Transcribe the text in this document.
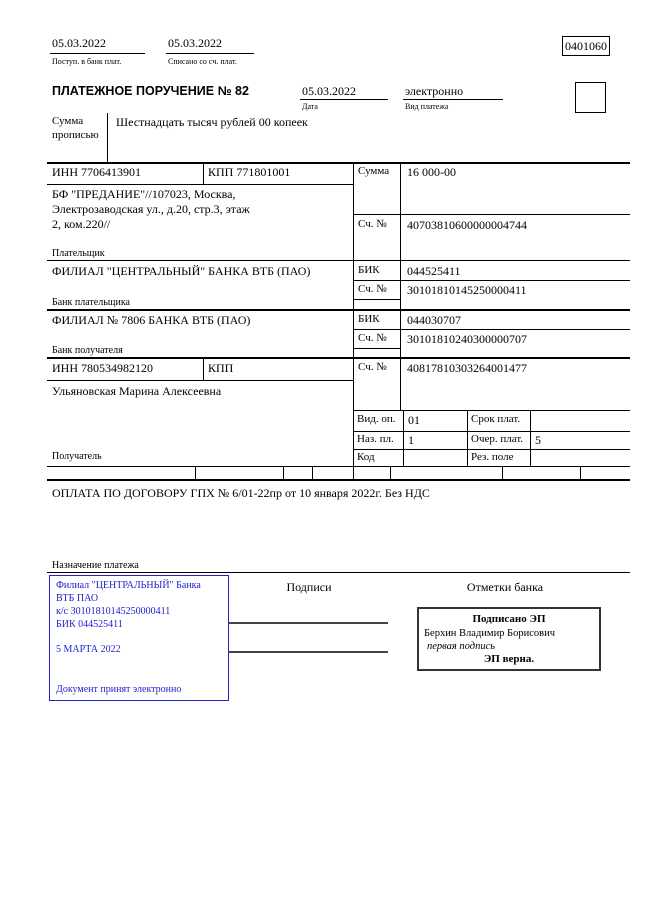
05.03.2022
Поступ. в банк плат.
05.03.2022
Списано со сч. плат.
0401060
ПЛАТЕЖНОЕ ПОРУЧЕНИЕ № 82	05.03.2022
Дата
электронно
Вид платежа
Сумма
прописью
Шестнадцать тысяч рублей 00 копеек
ИНН 7706413901	КПП 771801001	Сумма 16 000-00
БФ "ПРЕДАНИЕ"//107023, Москва,
Электрозаводская ул., д.20, стр.3, этаж
2, ком.220//
Плательщик
Сч. № 40703810600000004744
ФИЛИАЛ "ЦЕНТРАЛЬНЫЙ" БАНКА ВТБ (ПАО)
Банк плательщика
БИК 044525411
Сч. № 30101810145250000411
ФИЛИАЛ № 7806 БАНКА ВТБ (ПАО)
Банк получателя
БИК 044030707
Сч. № 30101810240300000707
ИНН 780534982120	КПП	Сч. № 40817810303264001477
Ульяновская Марина Алексеевна
Получатель
Вид. оп. 01	Срок плат.
Наз. пл. 1	Очер. плат. 5
Код	Рез. поле
ОПЛАТА ПО ДОГОВОРУ ГПХ № 6/01-22пр от 10 января 2022г. Без НДС
Назначение платежа
Филиал "ЦЕНТРАЛЬНЫЙ" Банка
ВТБ ПАО
к/с 30101810145250000411
БИК 044525411
5 МАРТА 2022
Документ принят электронно
Подписи	Отметки банка
Подписано ЭП
Берхин Владимир Борисович
первая подпись
ЭП верна.
